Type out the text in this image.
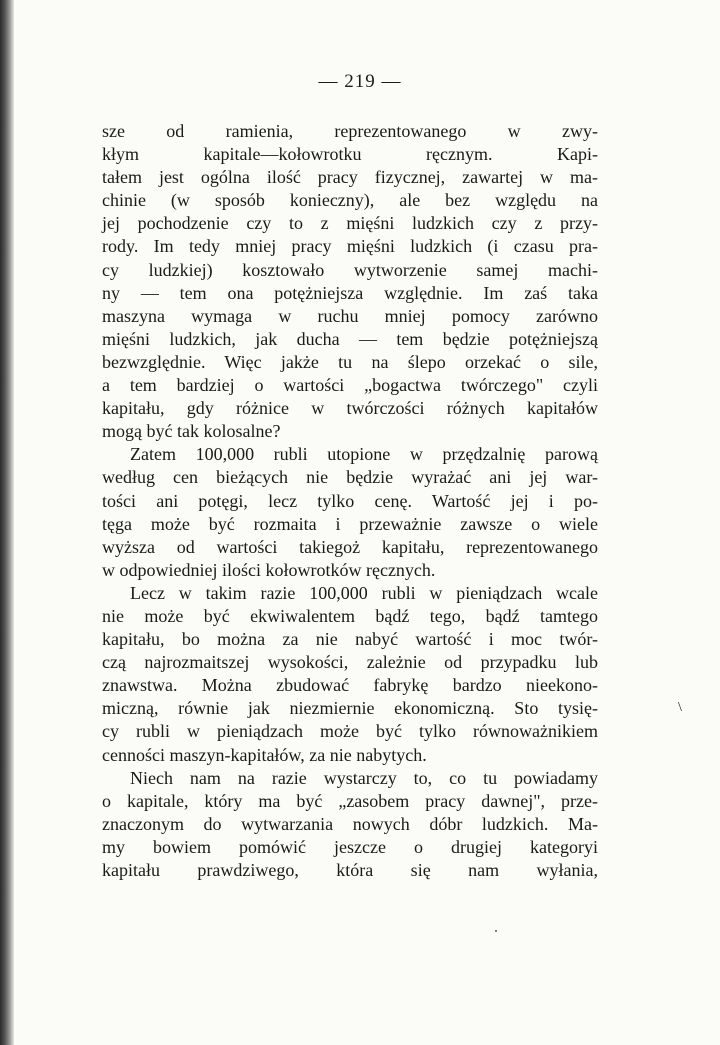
— 219 —
sze od ramienia, reprezentowanego w zwy-
kłym kapitale—kołowrotku ręcznym. Kapi-
tałem jest ogólna ilość pracy fizycznej, zawartej w ma-
chinie (w sposób konieczny), ale bez względu na
jej pochodzenie czy to z mięśni ludzkich czy z przy-
rody. Im tedy mniej pracy mięśni ludzkich (i czasu pra-
cy ludzkiej) kosztowało wytworzenie samej machi-
ny — tem ona potężniejsza względnie. Im zaś taka
maszyna wymaga w ruchu mniej pomocy zarówno
mięśni ludzkich, jak ducha — tem będzie potężniejszą
bezwzględnie. Więc jakże tu na ślepo orzekać o sile,
a tem bardziej o wartości „bogactwa twórczego" czyli
kapitału, gdy różnice w twórczości różnych kapitałów
mogą być tak kolosalne?
Zatem 100,000 rubli utopione w przędzalnię parową
według cen bieżących nie będzie wyrażać ani jej war-
tości ani potęgi, lecz tylko cenę. Wartość jej i po-
tęga może być rozmaita i przeważnie zawsze o wiele
wyższa od wartości takiegoż kapitału, reprezentowanego
w odpowiedniej ilości kołowrotków ręcznych.
Lecz w takim razie 100,000 rubli w pieniądzach wcale
nie może być ekwiwalentem bądź tego, bądź tamtego
kapitału, bo można za nie nabyć wartość i moc twór-
czą najrozmaitszej wysokości, zależnie od przypadku lub
znawstwa. Można zbudować fabrykę bardzo nieekono-
miczną, równie jak niezmiernie ekonomiczną. Sto tysię-
cy rubli w pieniądzach może być tylko równoważnikiem
cenności maszyn-kapitałów, za nie nabytych.
Niech nam na razie wystarczy to, co tu powiadamy
o kapitale, który ma być „zasobem pracy dawnej", prze-
znaczonym do wytwarzania nowych dóbr ludzkich. Ma-
my bowiem pomówić jeszcze o drugiej kategoryi
kapitału prawdziwego, która się nam wyłania,
\
